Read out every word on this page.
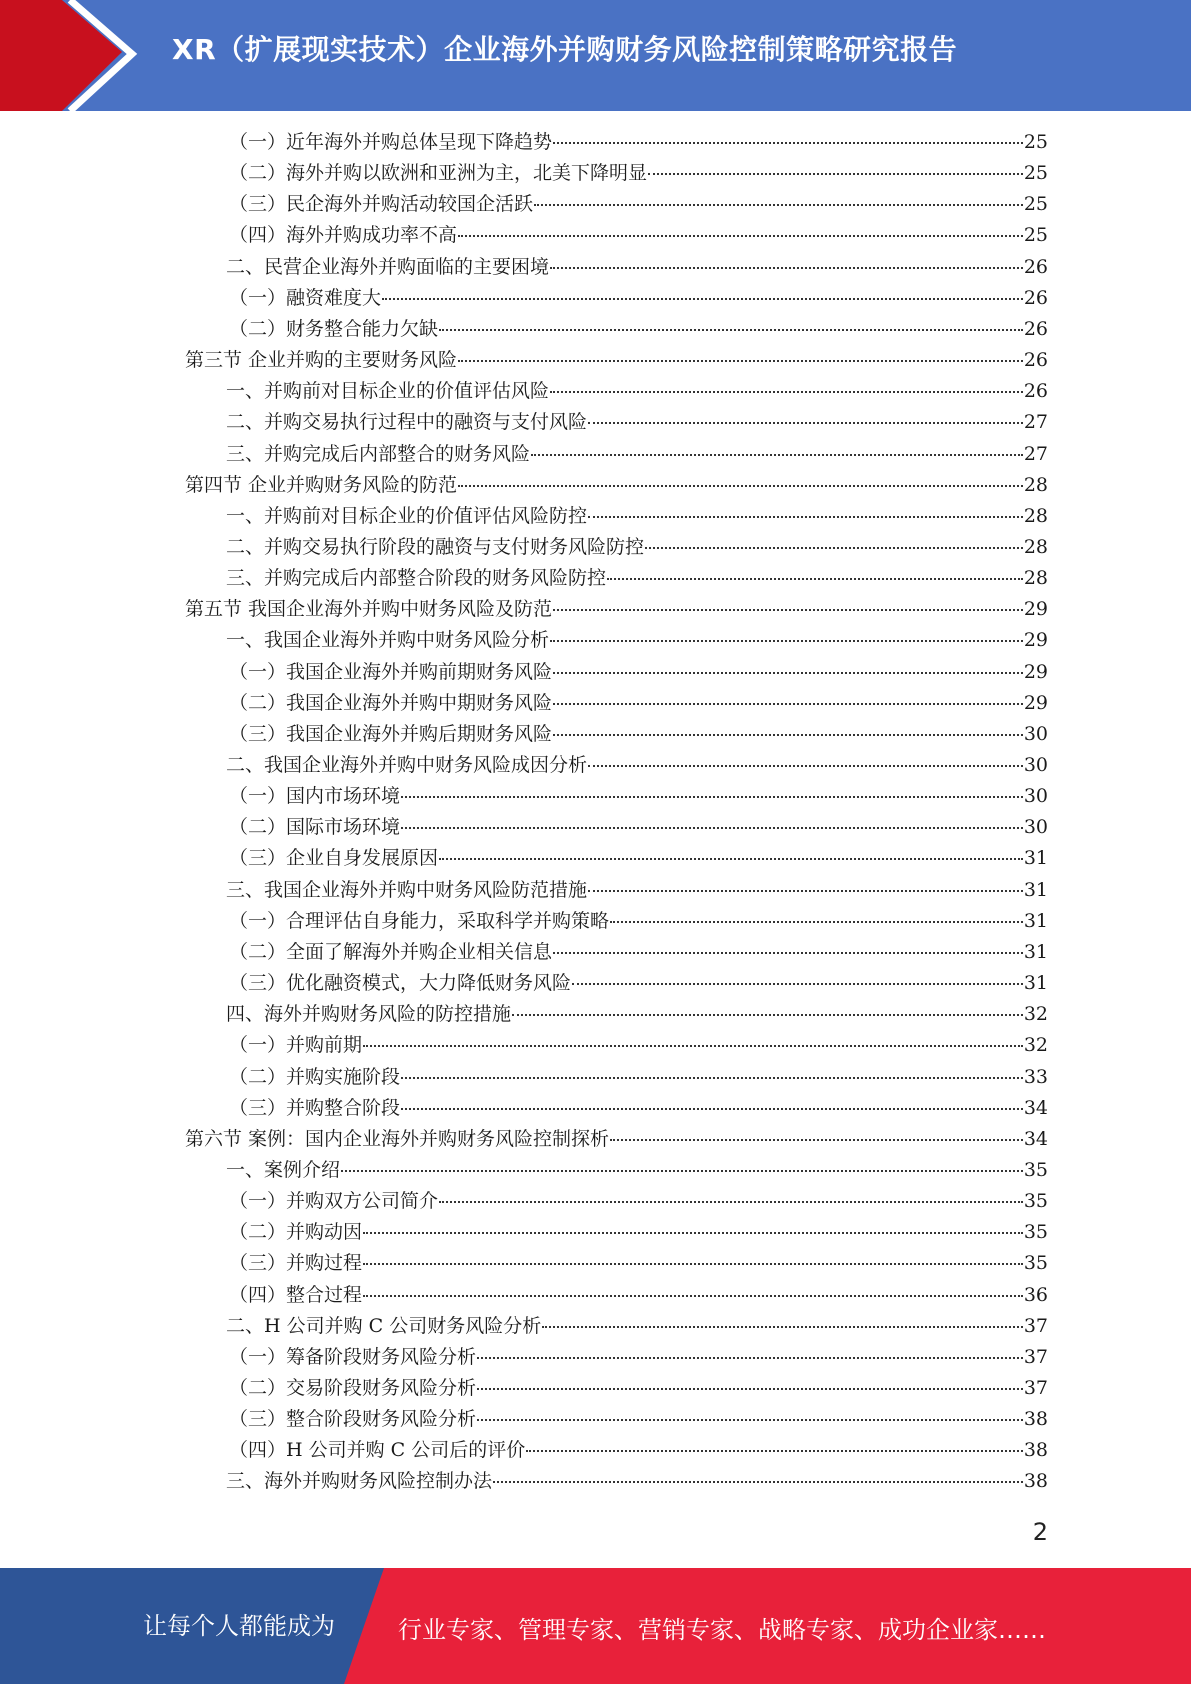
XR（扩展现实技术）企业海外并购财务风险控制策略研究报告
（一）近年海外并购总体呈现下降趋势	25
（二）海外并购以欧洲和亚洲为主，北美下降明显	25
（三）民企海外并购活动较国企活跃	25
（四）海外并购成功率不高	25
二、民营企业海外并购面临的主要困境	26
（一）融资难度大	26
（二）财务整合能力欠缺	26
第三节 企业并购的主要财务风险	26
一、并购前对目标企业的价值评估风险	26
二、并购交易执行过程中的融资与支付风险	27
三、并购完成后内部整合的财务风险	27
第四节 企业并购财务风险的防范	28
一、并购前对目标企业的价值评估风险防控	28
二、并购交易执行阶段的融资与支付财务风险防控	28
三、并购完成后内部整合阶段的财务风险防控	28
第五节 我国企业海外并购中财务风险及防范	29
一、我国企业海外并购中财务风险分析	29
（一）我国企业海外并购前期财务风险	29
（二）我国企业海外并购中期财务风险	29
（三）我国企业海外并购后期财务风险	30
二、我国企业海外并购中财务风险成因分析	30
（一）国内市场环境	30
（二）国际市场环境	30
（三）企业自身发展原因	31
三、我国企业海外并购中财务风险防范措施	31
（一）合理评估自身能力，采取科学并购策略	31
（二）全面了解海外并购企业相关信息	31
（三）优化融资模式，大力降低财务风险	31
四、海外并购财务风险的防控措施	32
（一）并购前期	32
（二）并购实施阶段	33
（三）并购整合阶段	34
第六节 案例：国内企业海外并购财务风险控制探析	34
一、案例介绍	35
（一）并购双方公司简介	35
（二）并购动因	35
（三）并购过程	35
（四）整合过程	36
二、H 公司并购 C 公司财务风险分析	37
（一）筹备阶段财务风险分析	37
（二）交易阶段财务风险分析	37
（三）整合阶段财务风险分析	38
（四）H 公司并购 C 公司后的评价	38
三、海外并购财务风险控制办法	38
2
让每个人都能成为	行业专家、管理专家、营销专家、战略专家、成功企业家……
